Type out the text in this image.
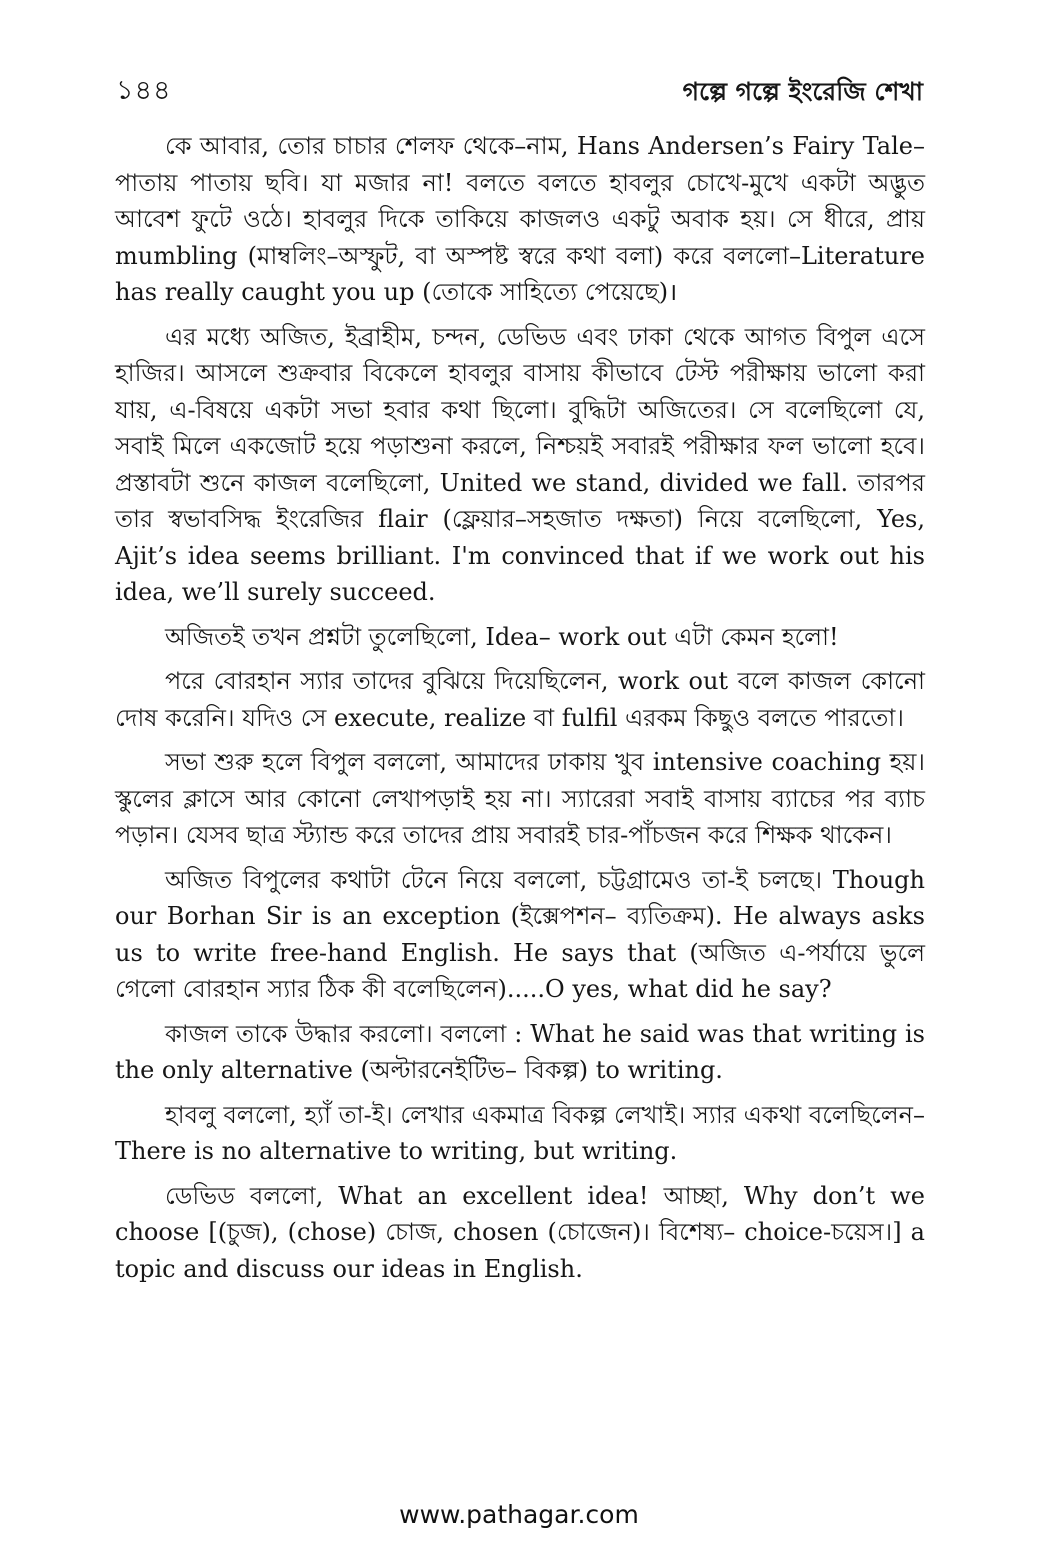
১৪৪	গল্পে গল্পে ইংরেজি শেখা

কে আবার, তোর চাচার শেলফ থেকে–নাম, Hans Andersen’s Fairy Tale–পাতায় পাতায় ছবি। যা মজার না! বলতে বলতে হাবলুর চোখে-মুখে একটা অদ্ভুত আবেশ ফুটে ওঠে। হাবলুর দিকে তাকিয়ে কাজলও একটু অবাক হয়। সে ধীরে, প্রায় mumbling (মাম্বলিং–অস্ফুট, বা অস্পষ্ট স্বরে কথা বলা) করে বললো–Literature has really caught you up (তোকে সাহিত্যে পেয়েছে)।

এর মধ্যে অজিত, ইব্রাহীম, চন্দন, ডেভিড এবং ঢাকা থেকে আগত বিপুল এসে হাজির। আসলে শুক্রবার বিকেলে হাবলুর বাসায় কীভাবে টেস্ট পরীক্ষায় ভালো করা যায়, এ-বিষয়ে একটা সভা হবার কথা ছিলো। বুদ্ধিটা অজিতের। সে বলেছিলো যে, সবাই মিলে একজোট হয়ে পড়াশুনা করলে, নিশ্চয়ই সবারই পরীক্ষার ফল ভালো হবে। প্রস্তাবটা শুনে কাজল বলেছিলো, United we stand, divided we fall. তারপর তার স্বভাবসিদ্ধ ইংরেজির flair (ফ্লেয়ার–সহজাত দক্ষতা) নিয়ে বলেছিলো, Yes, Ajit’s idea seems brilliant. I'm convinced that if we work out his idea, we’ll surely succeed.

অজিতই তখন প্রশ্নটা তুলেছিলো, Idea– work out এটা কেমন হলো!

পরে বোরহান স্যার তাদের বুঝিয়ে দিয়েছিলেন, work out বলে কাজল কোনো দোষ করেনি। যদিও সে execute, realize বা fulfil এরকম কিছুও বলতে পারতো।

সভা শুরু হলে বিপুল বললো, আমাদের ঢাকায় খুব intensive coaching হয়। স্কুলের ক্লাসে আর কোনো লেখাপড়াই হয় না। স্যারেরা সবাই বাসায় ব্যাচের পর ব্যাচ পড়ান। যেসব ছাত্র স্ট্যান্ড করে তাদের প্রায় সবারই চার-পাঁচজন করে শিক্ষক থাকেন।

অজিত বিপুলের কথাটা টেনে নিয়ে বললো, চট্টগ্রামেও তা-ই চলছে। Though our Borhan Sir is an exception (ইক্সেপশন– ব্যতিক্রম). He always asks us to write free-hand English. He says that (অজিত এ-পর্যায়ে ভুলে গেলো বোরহান স্যার ঠিক কী বলেছিলেন).....O yes, what did he say?

কাজল তাকে উদ্ধার করলো। বললো : What he said was that writing is the only alternative (অল্টারনেইটিভ– বিকল্প) to writing.

হাবলু বললো, হ্যাঁ তা-ই। লেখার একমাত্র বিকল্প লেখাই। স্যার একথা বলেছিলেন– There is no alternative to writing, but writing.

ডেভিড বললো, What an excellent idea! আচ্ছা, Why don’t we choose [(চুজ), (chose) চোজ, chosen (চোজেন)। বিশেষ্য– choice-চয়েস।] a topic and discuss our ideas in English.

www.pathagar.com
